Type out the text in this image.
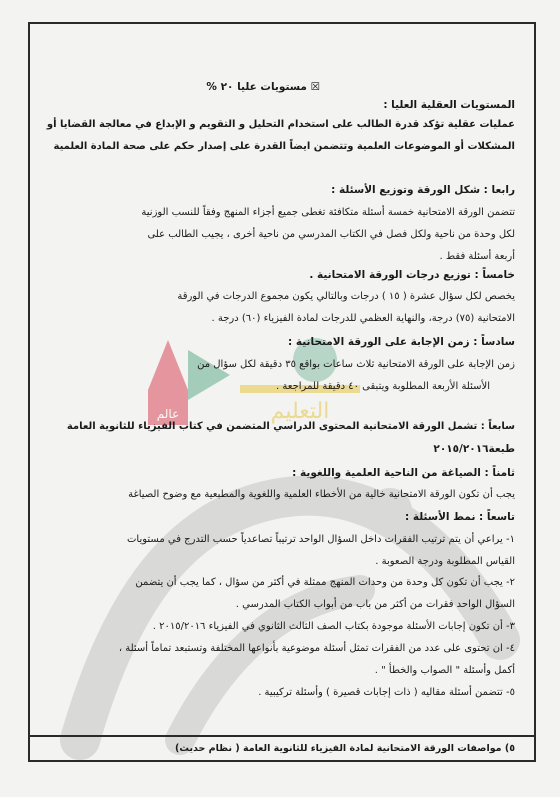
التعليم
عالم
☒ مستويات عليا ٢٠ %
المستويات العقلية العليا :
عمليات عقلية تؤكد قدرة الطالب على استخدام التحليل و التقويم و الإبداع في معالجة القضايا أو
المشكلات أو الموضوعات العلمية وتتضمن ايضاً القدرة على إصدار حكم على صحة المادة العلمية
رابعا : شكل الورقة وتوزيع الأسئلة :
تتضمن الورقة الامتحانية خمسة أسئلة متكافئة تغطى جميع أجزاء المنهج وفقاً للنسب الوزنية
لكل وحدة من ناحية ولكل فصل في الكتاب المدرسي من ناحية أخرى ، يجيب الطالب على
أربعة أسئلة فقط .
خامساً : توزيع درجات الورقة الامتحانية .
يخصص لكل سؤال عشرة ( ١٥ ) درجات وبالتالي يكون مجموع الدرجات في الورقة
الامتحانية (٧٥) درجة، والنهاية العظمي للدرجات لمادة الفيزياء (٦٠) درجة .
سادساً : زمن الإجابة على الورقة الامتحانية :
زمن الإجابة على الورقة الامتحانية ثلاث ساعات بواقع ٣٥ دقيقة لكل سؤال من
الأسئلة الأربعة المطلوبة ويتبقى ٤٠ دقيقة للمراجعة .
سابعاً : تشمل الورقة الامتحانية المحتوى الدراسي المتضمن في كتاب الفيزياء للثانوية العامة
طبعة٢٠١٥/٢٠١٦
ثامناً : الصياغة من الناحية العلمية واللغوية :
يجب أن تكون الورقة الامتحانية خالية من الأخطاء العلمية واللغوية والمطبعية مع وضوح الصياغة
تاسعاً : نمط الأسئلة :
١- يراعي أن يتم ترتيب الفقرات داخل السؤال الواحد ترتيباً تصاعدياً حسب التدرج في مستويات
القياس المطلوبة ودرجة الصعوبة .
٢- يجب أن تكون كل وحدة من وحدات المنهج ممثلة في أكثر من سؤال ، كما يجب أن يتضمن
السؤال الواحد فقرات من أكثر من باب من أبواب الكتاب المدرسي .
٣- أن تكون إجابات الأسئلة موجودة بكتاب الصف الثالث الثانوي في الفيزياء ٢٠١٥/٢٠١٦ .
٤- ان تحتوى على عدد من الفقرات تمثل أسئلة موضوعية بأنواعها المختلفة وتستبعد تماماً أسئلة ،
أكمل وأسئلة " الصواب والخطأ " .
٥- تتضمن أسئلة مقاليه ( ذات إجابات قصيرة ) وأسئلة تركيبية .
٥) مواصفات الورقة الامتحانية لمادة الفيزياء للثانوية العامة ( نظام حديث)
